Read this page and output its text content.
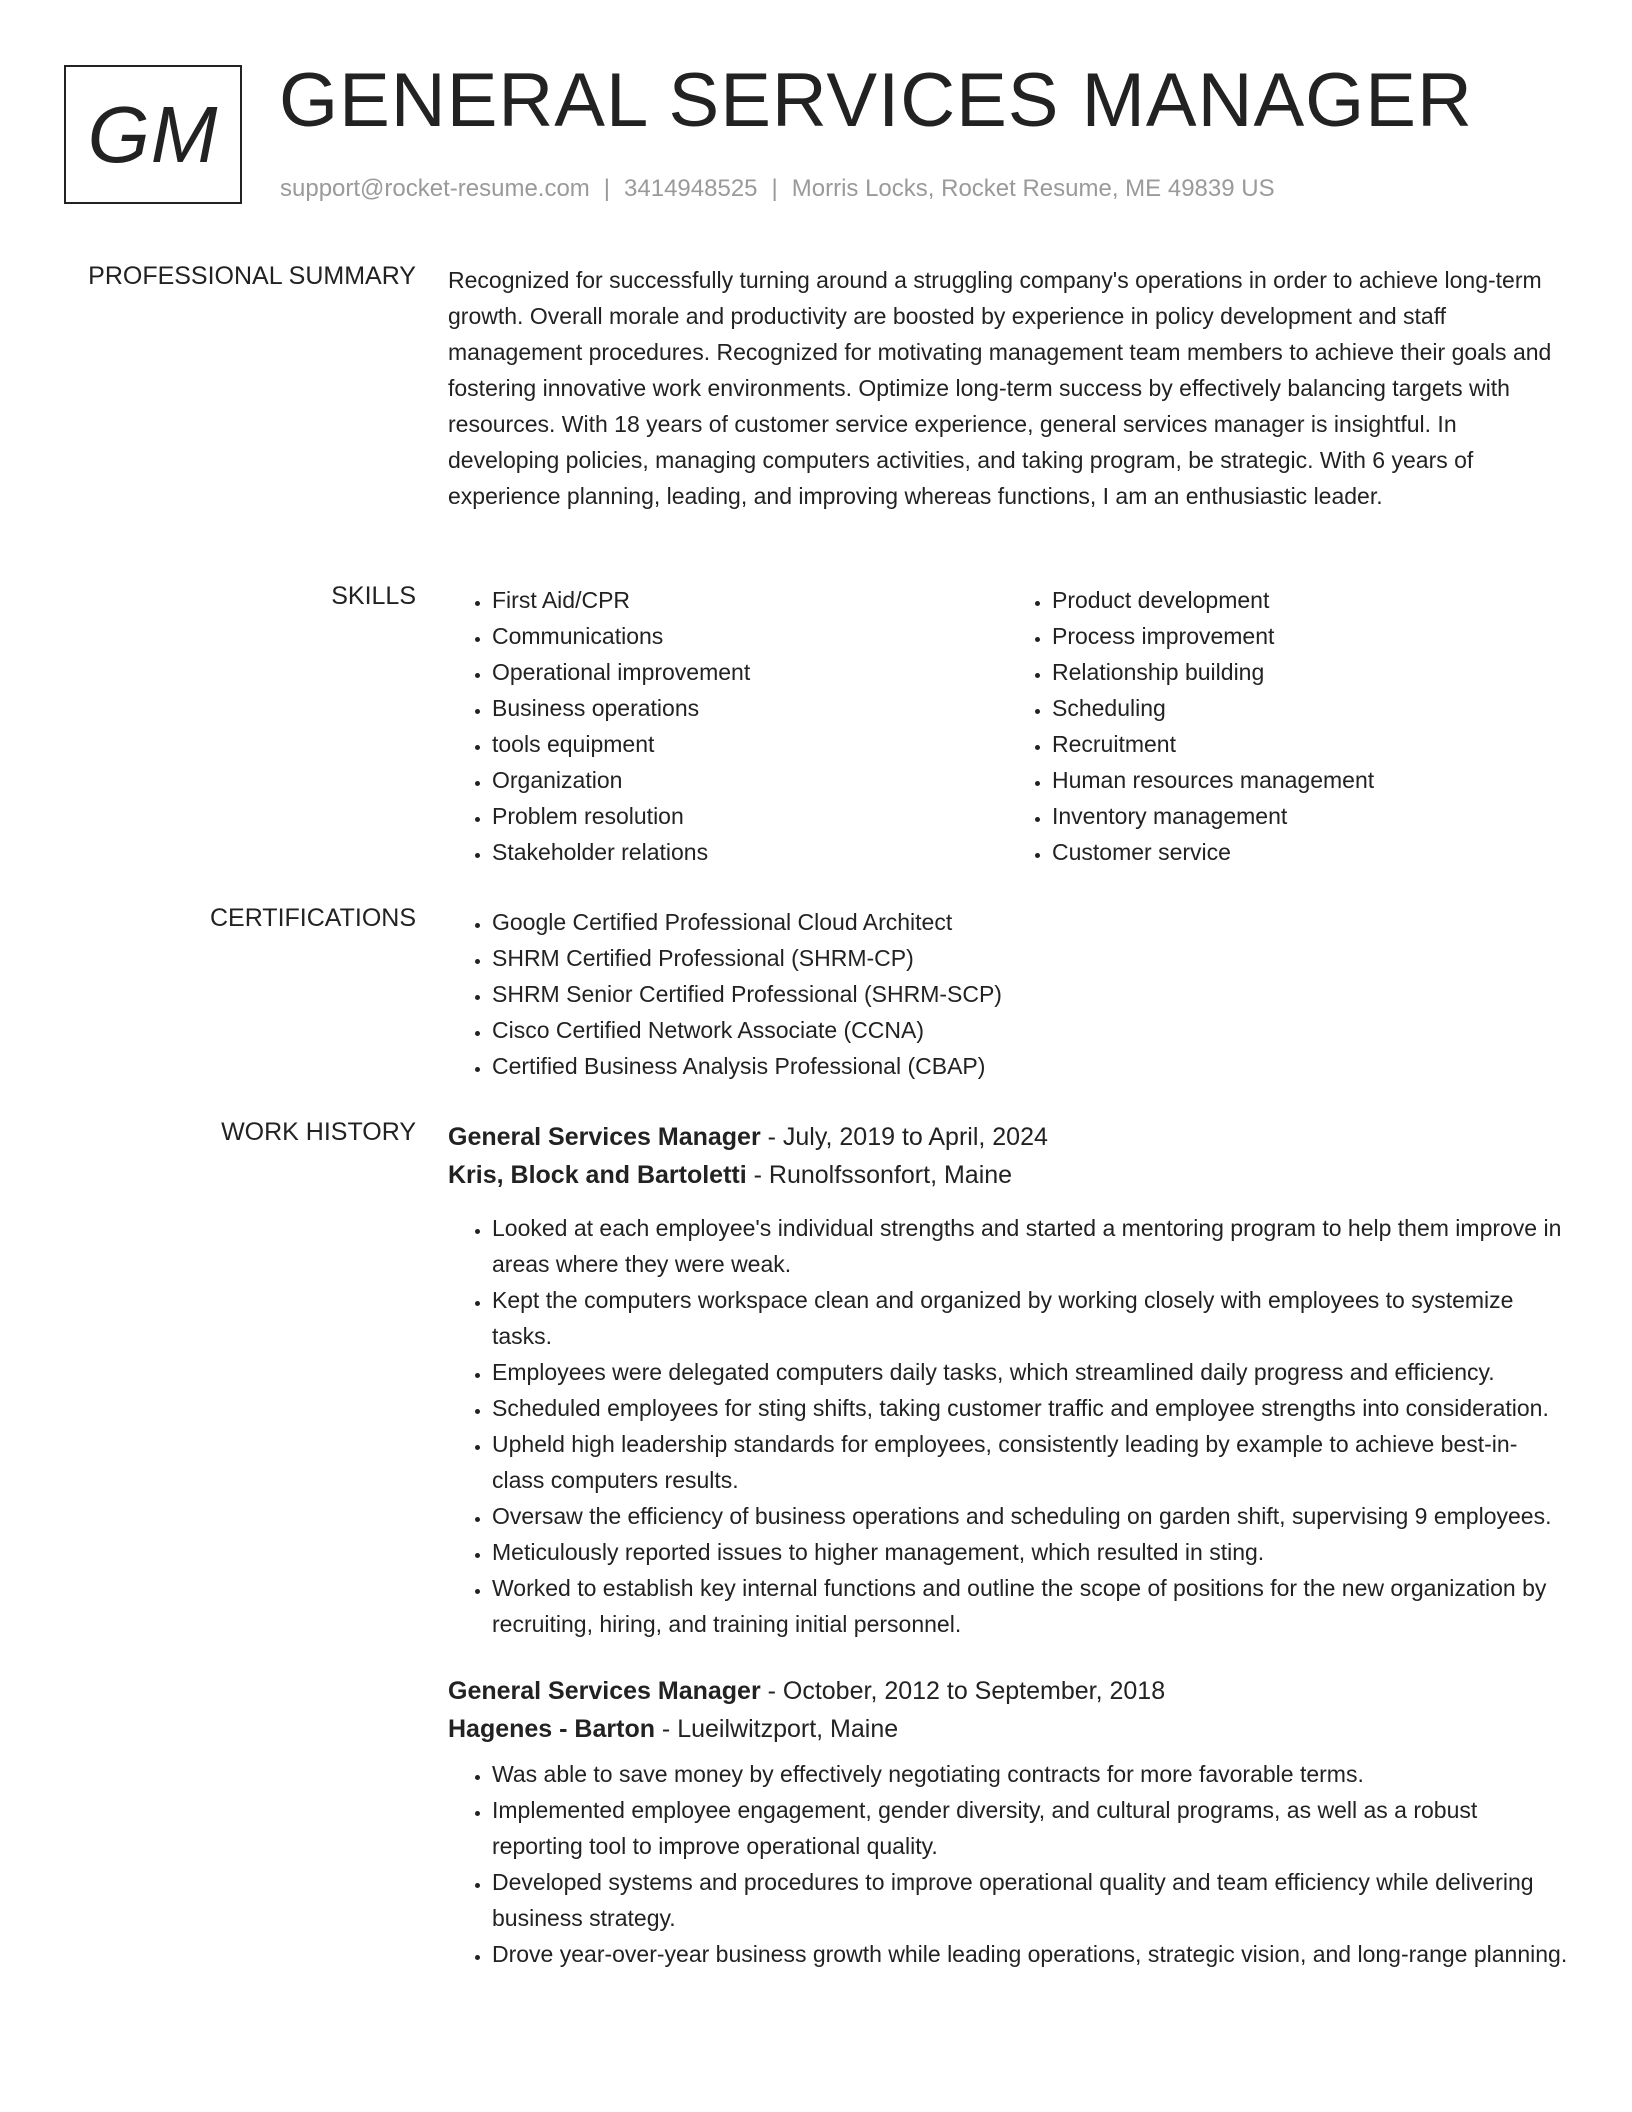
GM GENERAL SERVICES MANAGER
support@rocket-resume.com | 3414948525 | Morris Locks, Rocket Resume, ME 49839 US
PROFESSIONAL SUMMARY Recognized for successfully turning around a struggling company's operations in order to achieve long-term growth. Overall morale and productivity are boosted by experience in policy development and staff management procedures. Recognized for motivating management team members to achieve their goals and fostering innovative work environments. Optimize long-term success by effectively balancing targets with resources. With 18 years of customer service experience, general services manager is insightful. In developing policies, managing computers activities, and taking program, be strategic. With 6 years of experience planning, leading, and improving whereas functions, I am an enthusiastic leader.

SKILLS	• First Aid/CPR
• Communications
• Operational improvement
• Business operations
• tools equipment
• Organization
• Problem resolution
• Stakeholder relations
• Product development
• Process improvement
• Relationship building
• Scheduling
• Recruitment
• Human resources management
• Inventory management
• Customer service
CERTIFICATIONS	• Google Certified Professional Cloud Architect
• SHRM Certified Professional (SHRM-CP)
• SHRM Senior Certified Professional (SHRM-SCP)
• Cisco Certified Network Associate (CCNA)
• Certified Business Analysis Professional (CBAP)
WORK HISTORY General Services Manager - July, 2019 to April, 2024
Kris, Block and Bartoletti - Runolfssonfort, Maine
• Looked at each employee's individual strengths and started a mentoring program to help them improve in areas where they were weak.
• Kept the computers workspace clean and organized by working closely with employees to systemize tasks.
• Employees were delegated computers daily tasks, which streamlined daily progress and efficiency.
• Scheduled employees for sting shifts, taking customer traffic and employee strengths into consideration.
• Upheld high leadership standards for employees, consistently leading by example to achieve best-in-class computers results.
• Oversaw the efficiency of business operations and scheduling on garden shift, supervising 9 employees.
• Meticulously reported issues to higher management, which resulted in sting.
• Worked to establish key internal functions and outline the scope of positions for the new organization by recruiting, hiring, and training initial personnel.
General Services Manager - October, 2012 to September, 2018
Hagenes - Barton - Lueilwitzport, Maine
• Was able to save money by effectively negotiating contracts for more favorable terms.
• Implemented employee engagement, gender diversity, and cultural programs, as well as a robust reporting tool to improve operational quality.
• Developed systems and procedures to improve operational quality and team efficiency while delivering business strategy.
• Drove year-over-year business growth while leading operations, strategic vision, and long-range planning.
